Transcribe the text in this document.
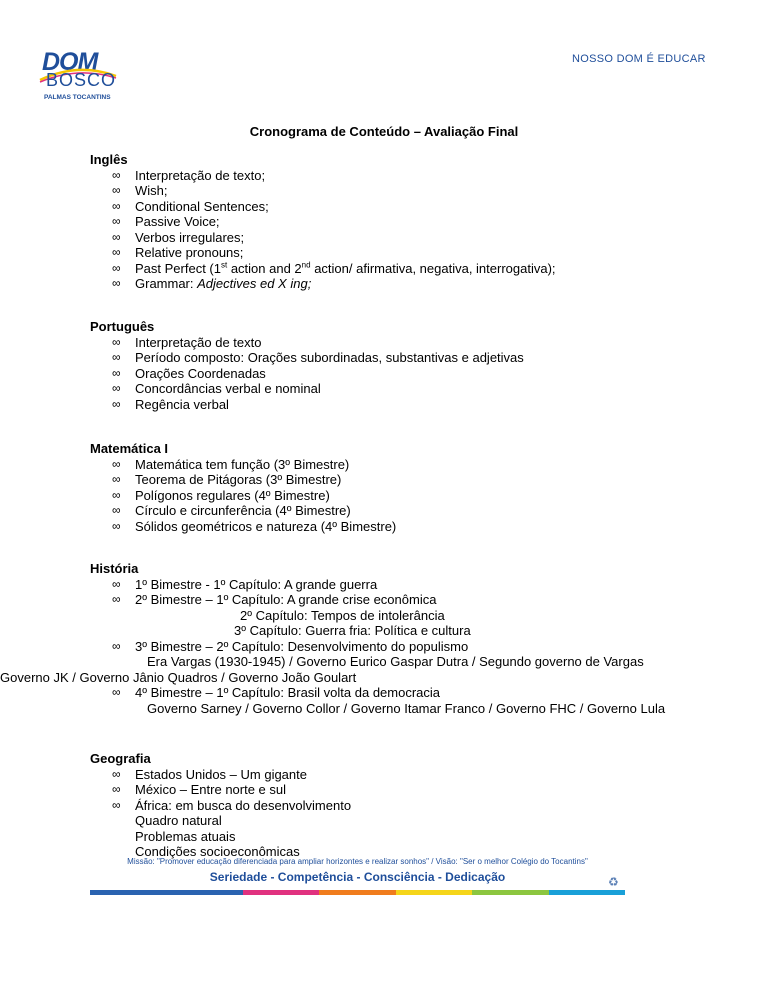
DOM
BOSCO
PALMAS TOCANTINS
NOSSO DOM É EDUCAR
Cronograma de Conteúdo – Avaliação Final
Inglês
∞ Interpretação de texto;
∞ Wish;
∞ Conditional Sentences;
∞ Passive Voice;
∞ Verbos irregulares;
∞ Relative pronouns;
∞ Past Perfect (1st action and 2nd action/ afirmativa, negativa, interrogativa);
∞ Grammar: Adjectives ed X ing;
Português
∞ Interpretação de texto
∞ Período composto: Orações subordinadas, substantivas e adjetivas
∞ Orações Coordenadas
∞ Concordâncias verbal e nominal
∞ Regência verbal
Matemática I
∞ Matemática tem função (3º Bimestre)
∞ Teorema de Pitágoras (3º Bimestre)
∞ Polígonos regulares (4º Bimestre)
∞ Círculo e circunferência (4º Bimestre)
∞ Sólidos geométricos e natureza (4º Bimestre)
História
∞ 1º Bimestre - 1º Capítulo: A grande guerra
∞ 2º Bimestre – 1º Capítulo: A grande crise econômica
2º Capítulo: Tempos de intolerância
3º Capítulo: Guerra fria: Política e cultura
∞ 3º Bimestre – 2º Capítulo: Desenvolvimento do populismo
Era Vargas (1930-1945) / Governo Eurico Gaspar Dutra / Segundo governo de Vargas
Governo JK / Governo Jânio Quadros / Governo João Goulart
∞ 4º Bimestre – 1º Capítulo: Brasil volta da democracia
Governo Sarney / Governo Collor / Governo Itamar Franco / Governo FHC / Governo Lula
Geografia
∞ Estados Unidos – Um gigante
∞ México – Entre norte e sul
∞ África: em busca do desenvolvimento
Quadro natural
Problemas atuais
Condições socioeconômicas
Missão: "Promover educação diferenciada para ampliar horizontes e realizar sonhos" / Visão: "Ser o melhor Colégio do Tocantins"
Seriedade - Competência - Consciência - Dedicação	♻
